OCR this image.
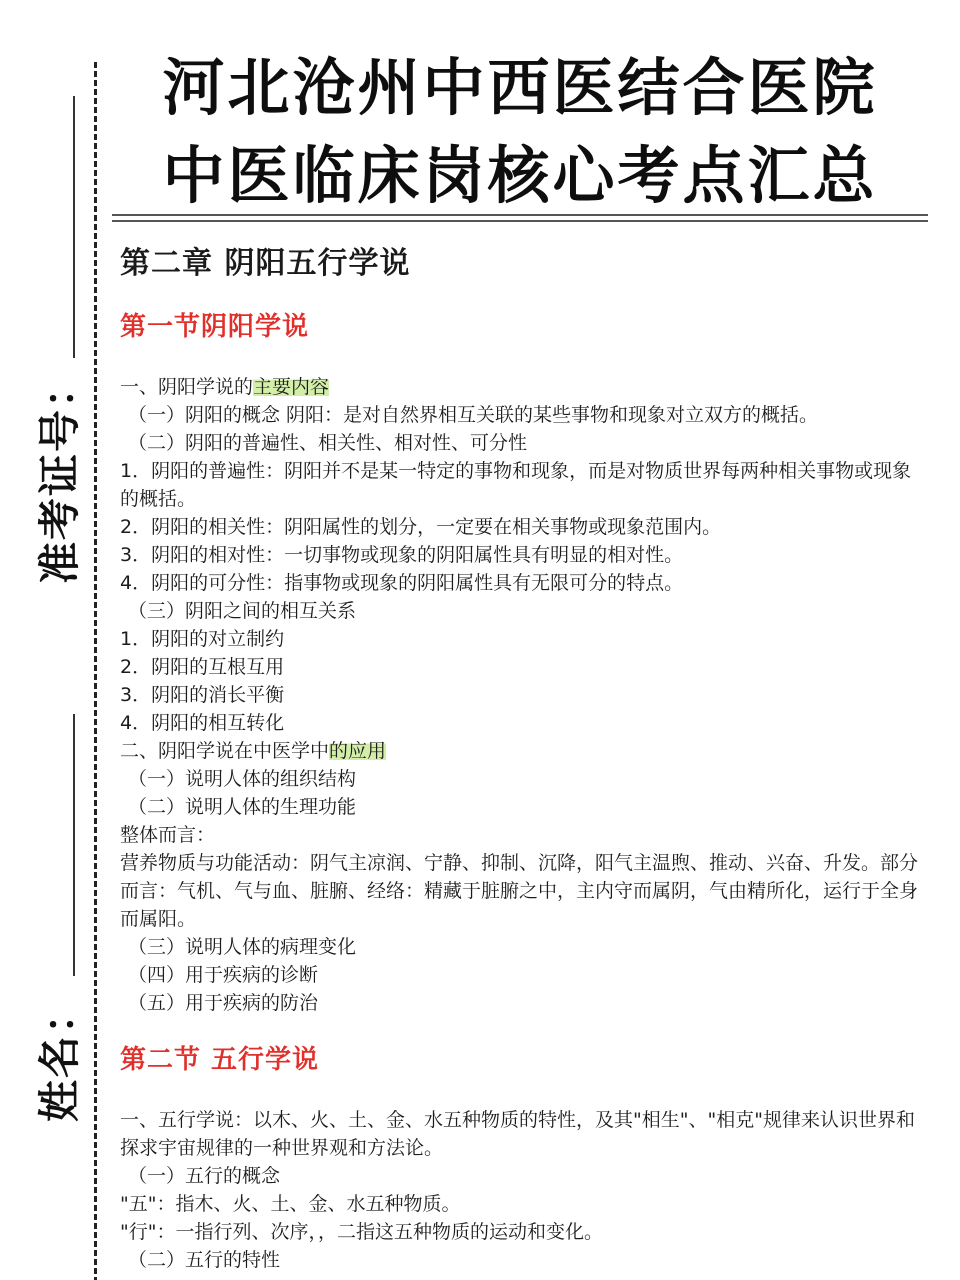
准考证号：
姓名：
河北沧州中西医结合医院
中医临床岗核心考点汇总
第二章 阴阳五行学说
第一节阴阳学说
一、阴阳学说的主要内容
（一）阴阳的概念 阴阳：是对自然界相互关联的某些事物和现象对立双方的概括。
（二）阴阳的普遍性、相关性、相对性、可分性
1．阴阳的普遍性：阴阳并不是某一特定的事物和现象，而是对物质世界每两种相关事物或现象的概括。
2．阴阳的相关性：阴阳属性的划分，一定要在相关事物或现象范围内。
3．阴阳的相对性：一切事物或现象的阴阳属性具有明显的相对性。
4．阴阳的可分性：指事物或现象的阴阳属性具有无限可分的特点。
（三）阴阳之间的相互关系
1．阴阳的对立制约
2．阴阳的互根互用
3．阴阳的消长平衡
4．阴阳的相互转化
二、阴阳学说在中医学中的应用
（一）说明人体的组织结构
（二）说明人体的生理功能
整体而言：
营养物质与功能活动：阴气主凉润、宁静、抑制、沉降，阳气主温煦、推动、兴奋、升发。部分而言：气机、气与血、脏腑、经络：精藏于脏腑之中，主内守而属阴，气由精所化，运行于全身而属阳。
（三）说明人体的病理变化
（四）用于疾病的诊断
（五）用于疾病的防治
第二节 五行学说
一、五行学说：以木、火、土、金、水五种物质的特性，及其"相生"、"相克"规律来认识世界和探求宇宙规律的一种世界观和方法论。
（一）五行的概念
"五"：指木、火、土、金、水五种物质。
"行"：一指行列、次序，，二指这五种物质的运动和变化。
（二）五行的特性
